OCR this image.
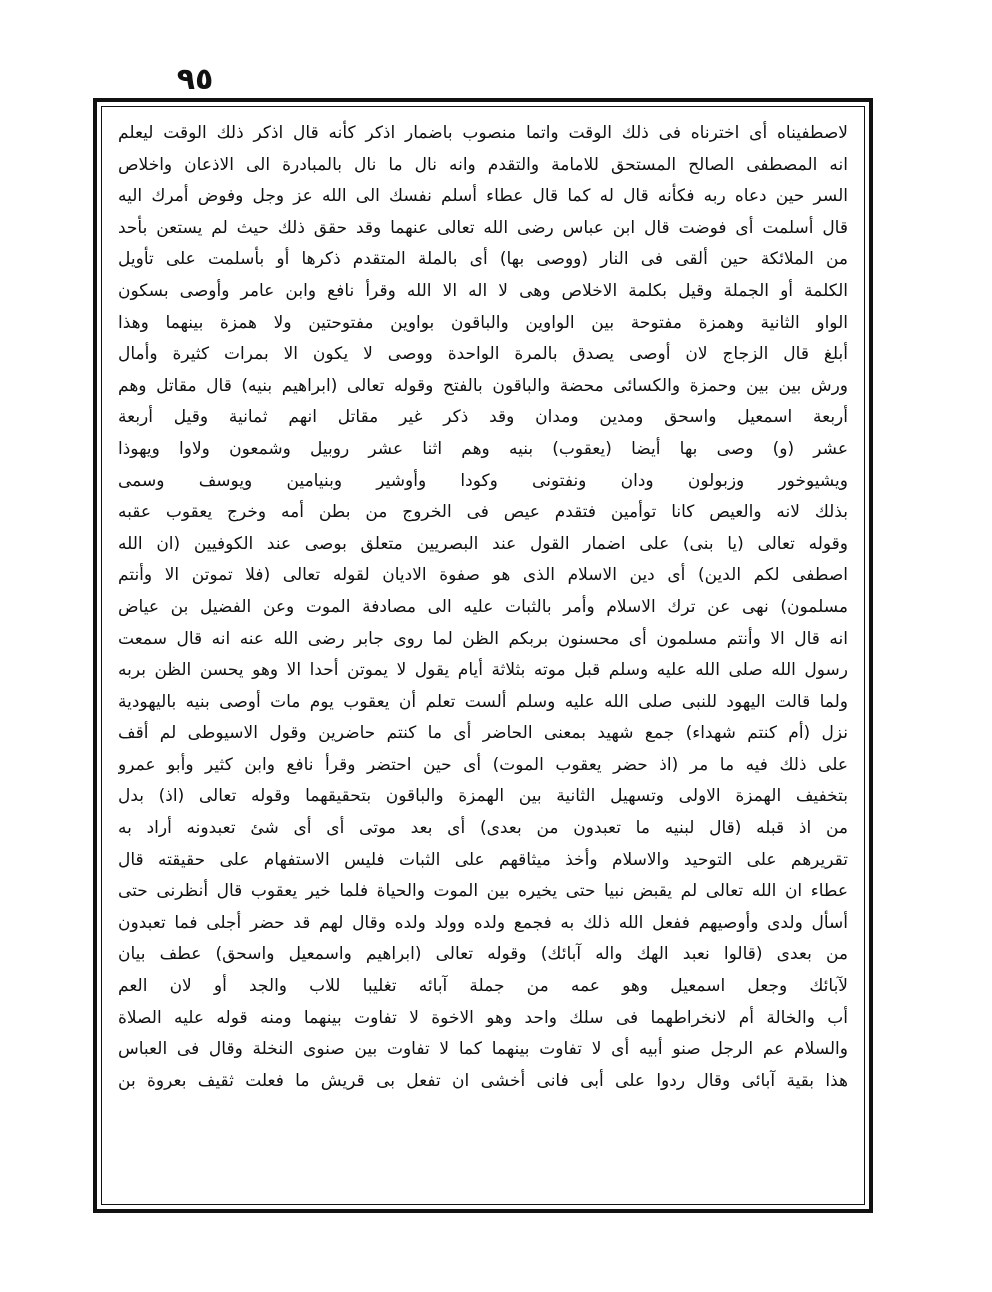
٩٥
لاصطفيناه أى اخترناه فى ذلك الوقت واتما منصوب باضمار اذكر كأنه قال اذكر ذلك الوقت ليعلم
انه المصطفى الصالح المستحق للامامة والتقدم وانه نال ما نال بالمبادرة الى الاذعان واخلاص
السر حين دعاه ربه فكأنه قال له كما قال عطاء أسلم نفسك الى الله عز وجل وفوض أمرك اليه
قال أسلمت أى فوضت قال ابن عباس رضى الله تعالى عنهما وقد حقق ذلك حيث لم يستعن بأحد
من الملائكة حين ألقى فى النار (ووصى بها) أى بالملة المتقدم ذكرها أو بأسلمت على تأويل
الكلمة أو الجملة وقيل بكلمة الاخلاص وهى لا اله الا الله وقرأ نافع وابن عامر وأوصى بسكون
الواو الثانية وهمزة مفتوحة بين الواوين والباقون بواوين مفتوحتين ولا همزة بينهما وهذا
أبلغ قال الزجاج لان أوصى يصدق بالمرة الواحدة ووصى لا يكون الا بمرات كثيرة وأمال
ورش بين بين وحمزة والكسائى محضة والباقون بالفتح وقوله تعالى (ابراهيم بنيه) قال مقاتل وهم
أربعة اسمعيل واسحق ومدين ومدان وقد ذكر غير مقاتل انهم ثمانية وقيل أربعة
عشر (و) وصى بها أيضا (يعقوب) بنيه وهم اثنا عشر روبيل وشمعون ولاوا ويهوذا
ويشيوخور وزبولون ودان ونفتونى وكودا وأوشير وبنيامين ويوسف وسمى
بذلك لانه والعيص كانا توأمين فتقدم عيص فى الخروج من بطن أمه وخرج يعقوب عقبه
وقوله تعالى (يا بنى) على اضمار القول عند البصريين متعلق بوصى عند الكوفيين (ان الله
اصطفى لكم الدين) أى دين الاسلام الذى هو صفوة الاديان لقوله تعالى (فلا تموتن الا وأنتم
مسلمون) نهى عن ترك الاسلام وأمر بالثبات عليه الى مصادفة الموت وعن الفضيل بن عياض
انه قال الا وأنتم مسلمون أى محسنون بربكم الظن لما روى جابر رضى الله عنه انه قال سمعت
رسول الله صلى الله عليه وسلم قبل موته بثلاثة أيام يقول لا يموتن أحدا الا وهو يحسن الظن بربه
ولما قالت اليهود للنبى صلى الله عليه وسلم ألست تعلم أن يعقوب يوم مات أوصى بنيه باليهودية
نزل (أم كنتم شهداء) جمع شهيد بمعنى الحاضر أى ما كنتم حاضرين وقول الاسيوطى لم أقف
على ذلك فيه ما مر (اذ حضر يعقوب الموت) أى حين احتضر وقرأ نافع وابن كثير وأبو عمرو
بتخفيف الهمزة الاولى وتسهيل الثانية بين الهمزة والباقون بتحقيقهما وقوله تعالى (اذ) بدل
من اذ قبله (قال لبنيه ما تعبدون من بعدى) أى بعد موتى أى أى شئ تعبدونه أراد به
تقريرهم على التوحيد والاسلام وأخذ ميثاقهم على الثبات فليس الاستفهام على حقيقته قال
عطاء ان الله تعالى لم يقبض نبيا حتى يخيره بين الموت والحياة فلما خير يعقوب قال أنظرنى حتى
أسأل ولدى وأوصيهم ففعل الله ذلك به فجمع ولده وولد ولده وقال لهم قد حضر أجلى فما تعبدون
من بعدى (قالوا نعبد الهك واله آبائك) وقوله تعالى (ابراهيم واسمعيل واسحق) عطف بيان
لآبائك وجعل اسمعيل وهو عمه من جملة آبائه تغليبا للاب والجد أو لان العم
أب والخالة أم لانخراطهما فى سلك واحد وهو الاخوة لا تفاوت بينهما ومنه قوله عليه الصلاة
والسلام عم الرجل صنو أبيه أى لا تفاوت بينهما كما لا تفاوت بين صنوى النخلة وقال فى العباس
هذا بقية آبائى وقال ردوا على أبى فانى أخشى ان تفعل بى قريش ما فعلت ثقيف بعروة بن
